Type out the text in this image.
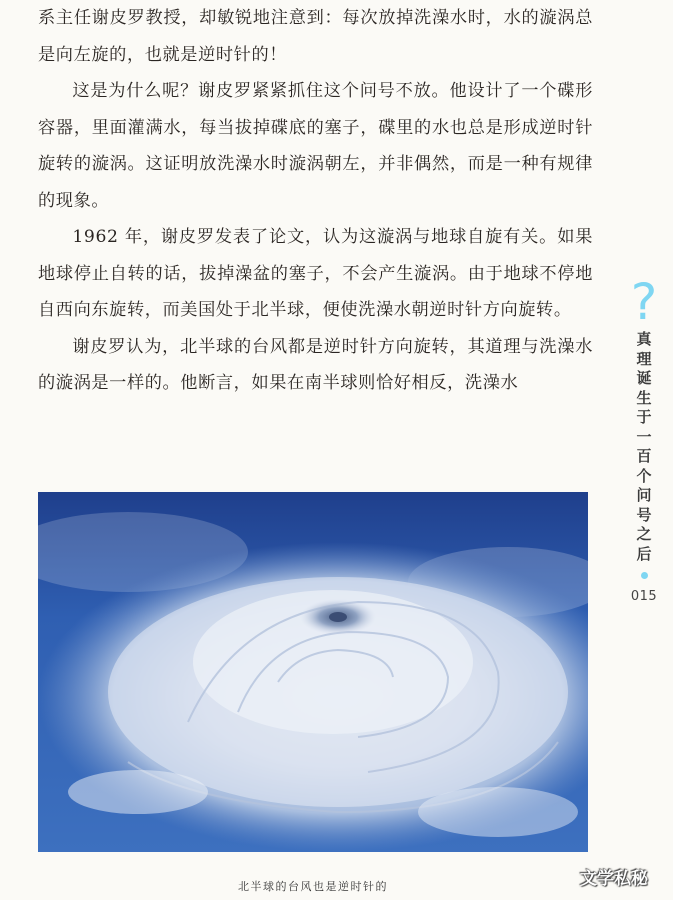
系主任谢皮罗教授，却敏锐地注意到：每次放掉洗澡水时，水的漩涡总是向左旋的，也就是逆时针的！

这是为什么呢？谢皮罗紧紧抓住这个问号不放。他设计了一个碟形容器，里面灌满水，每当拔掉碟底的塞子，碟里的水也总是形成逆时针旋转的漩涡。这证明放洗澡水时漩涡朝左，并非偶然，而是一种有规律的现象。

1962 年，谢皮罗发表了论文，认为这漩涡与地球自旋有关。如果地球停止自转的话，拔掉澡盆的塞子，不会产生漩涡。由于地球不停地自西向东旋转，而美国处于北半球，便使洗澡水朝逆时针方向旋转。

谢皮罗认为，北半球的台风都是逆时针方向旋转，其道理与洗澡水的漩涡是一样的。他断言，如果在南半球则恰好相反，洗澡水

?
真理诞生于一百个问号之后
015
北半球的台风也是逆时针的	文学私秘
